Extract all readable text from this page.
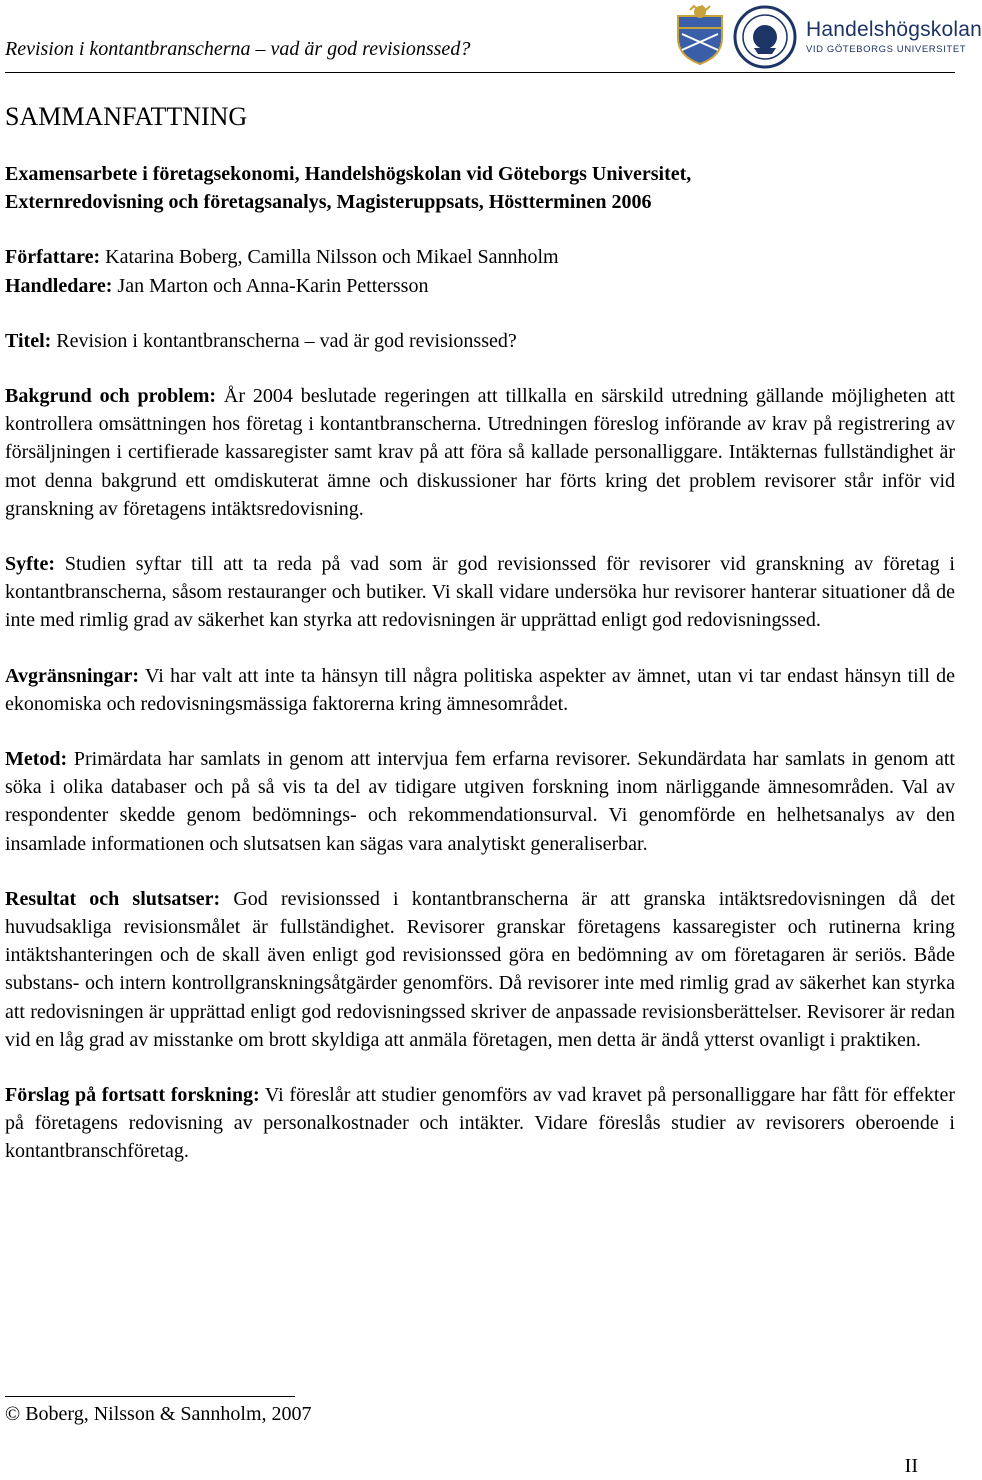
Revision i kontantbranscherna – vad är god revisionssed?
Handelshögskolan
VID GÖTEBORGS UNIVERSITET
SAMMANFATTNING

Examensarbete i företagsekonomi, Handelshögskolan vid Göteborgs Universitet,

Externredovisning och företagsanalys, Magisteruppsats, Höstterminen 2006

Författare: Katarina Boberg, Camilla Nilsson och Mikael Sannholm

Handledare: Jan Marton och Anna-Karin Pettersson

Titel: Revision i kontantbranscherna – vad är god revisionssed?

Bakgrund och problem: År 2004 beslutade regeringen att tillkalla en särskild utredning gällande möjligheten att kontrollera omsättningen hos företag i kontantbranscherna. Utredningen föreslog införande av krav på registrering av försäljningen i certifierade kassaregister samt krav på att föra så kallade personalliggare. Intäkternas fullständighet är mot denna bakgrund ett omdiskuterat ämne och diskussioner har förts kring det problem revisorer står inför vid granskning av företagens intäktsredovisning.

Syfte: Studien syftar till att ta reda på vad som är god revisionssed för revisorer vid granskning av företag i kontantbranscherna, såsom restauranger och butiker. Vi skall vidare undersöka hur revisorer hanterar situationer då de inte med rimlig grad av säkerhet kan styrka att redovisningen är upprättad enligt god redovisningssed.

Avgränsningar: Vi har valt att inte ta hänsyn till några politiska aspekter av ämnet, utan vi tar endast hänsyn till de ekonomiska och redovisningsmässiga faktorerna kring ämnesområdet.

Metod: Primärdata har samlats in genom att intervjua fem erfarna revisorer. Sekundärdata har samlats in genom att söka i olika databaser och på så vis ta del av tidigare utgiven forskning inom närliggande ämnesområden. Val av respondenter skedde genom bedömnings- och rekommendationsurval. Vi genomförde en helhetsanalys av den insamlade informationen och slutsatsen kan sägas vara analytiskt generaliserbar.

Resultat och slutsatser: God revisionssed i kontantbranscherna är att granska intäktsredovisningen då det huvudsakliga revisionsmålet är fullständighet. Revisorer granskar företagens kassaregister och rutinerna kring intäktshanteringen och de skall även enligt god revisionssed göra en bedömning av om företagaren är seriös. Både substans- och intern kontrollgranskningsåtgärder genomförs. Då revisorer inte med rimlig grad av säkerhet kan styrka att redovisningen är upprättad enligt god redovisningssed skriver de anpassade revisionsberättelser. Revisorer är redan vid en låg grad av misstanke om brott skyldiga att anmäla företagen, men detta är ändå ytterst ovanligt i praktiken.

Förslag på fortsatt forskning: Vi föreslår att studier genomförs av vad kravet på personalliggare har fått för effekter på företagens redovisning av personalkostnader och intäkter. Vidare föreslås studier av revisorers oberoende i kontantbranschföretag.

© Boberg, Nilsson & Sannholm, 2007
II
